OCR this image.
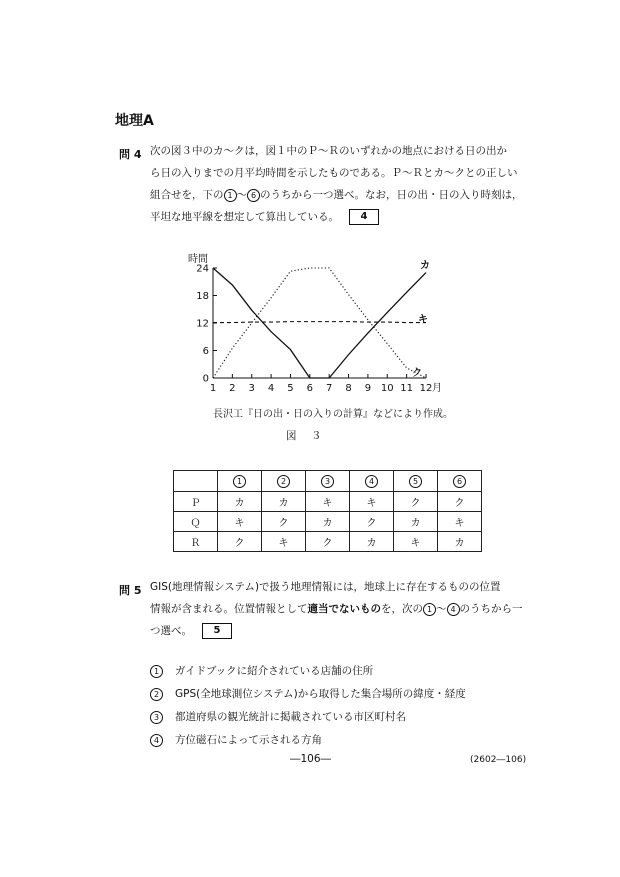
地理A
問 4 次の図３中のカ～クは，図１中のＰ～Ｒのいずれかの地点における日の出か
ら日の入りまでの月平均時間を示したものである。Ｐ～Ｒとカ～クとの正しい
組合せを，下の 1 ～ 6 のうちから一つ選べ。なお，日の出・日の入り時刻は，
平坦な地平線を想定して算出している。 4
0
6
12
18
24
1 2 3 4 5 6 7 8 9 10 11 12
時間
月
カ
キ
ク
長沢工『日の出・日の入りの計算』などにより作成。
図　３
	1	2	3	4	5	6
Ｐ	カ	カ	キ	キ	ク	ク
Ｑ	キ	ク	カ	ク	カ	キ
Ｒ	ク	キ	ク	カ	キ	カ
問 5 GIS(地理情報システム)で扱う地理情報には，地球上に存在するものの位置
情報が含まれる。位置情報として適当でないものを，次の 1 ～ 4 のうちから一
つ選べ。 5
1 ガイドブックに紹介されている店舗の住所
2 GPS(全地球測位システム)から取得した集合場所の緯度・経度
3 都道府県の観光統計に掲載されている市区町村名
4 方位磁石によって示される方角
―106―	(2602―106)
